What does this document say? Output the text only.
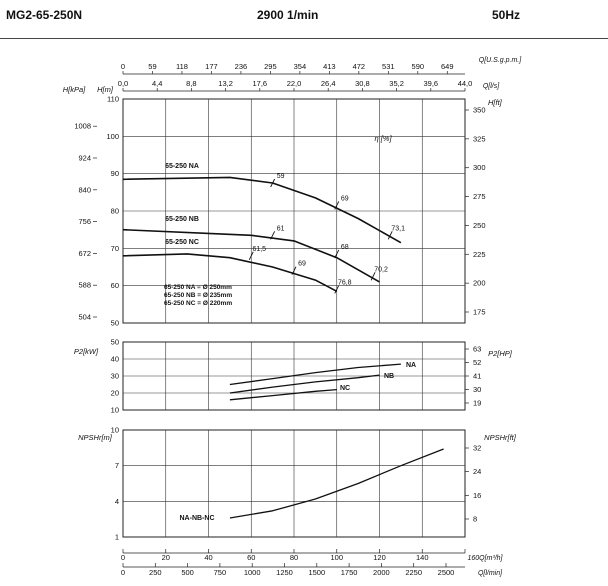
MG2-65-250N	2900 1/min	50Hz
0	59	118 177 236 295 354 413 472 531 590 649
Q[U.S.g.p.m.]
0,0	4,4	8,8	13,2	17,6	22,0	26,4	30,8	35,2	39,6	44,0 Q[l/s]
50
60
70
80
90
100
110
175
200
225
250
275
300
325
350
504
588
672
756
840
924
1008
H[kPa] H[m]
H[ft]
η [%]
65-250 NA
65-250 NB
65-250 NC
59
69
73,1
61
68
70,2
61,5
69
76,8
65-250 NA = Ø 250mm
65-250 NB = Ø 235mm
65-250 NC = Ø 220mm
10
20
30
40
50
19
30
41
52
63
P2[kW]	P2[HP]
NA
NB
NC
1
4
7
10
8
16
24
32
NPSHr[m]	NPSHr[ft]
NA-NB-NC
0	20	40	60	80	100	120	140	160Q[m³/h]
0	250	500	750 1000 1250 1500 1750 2000 2250 2500	Q[l/min]
